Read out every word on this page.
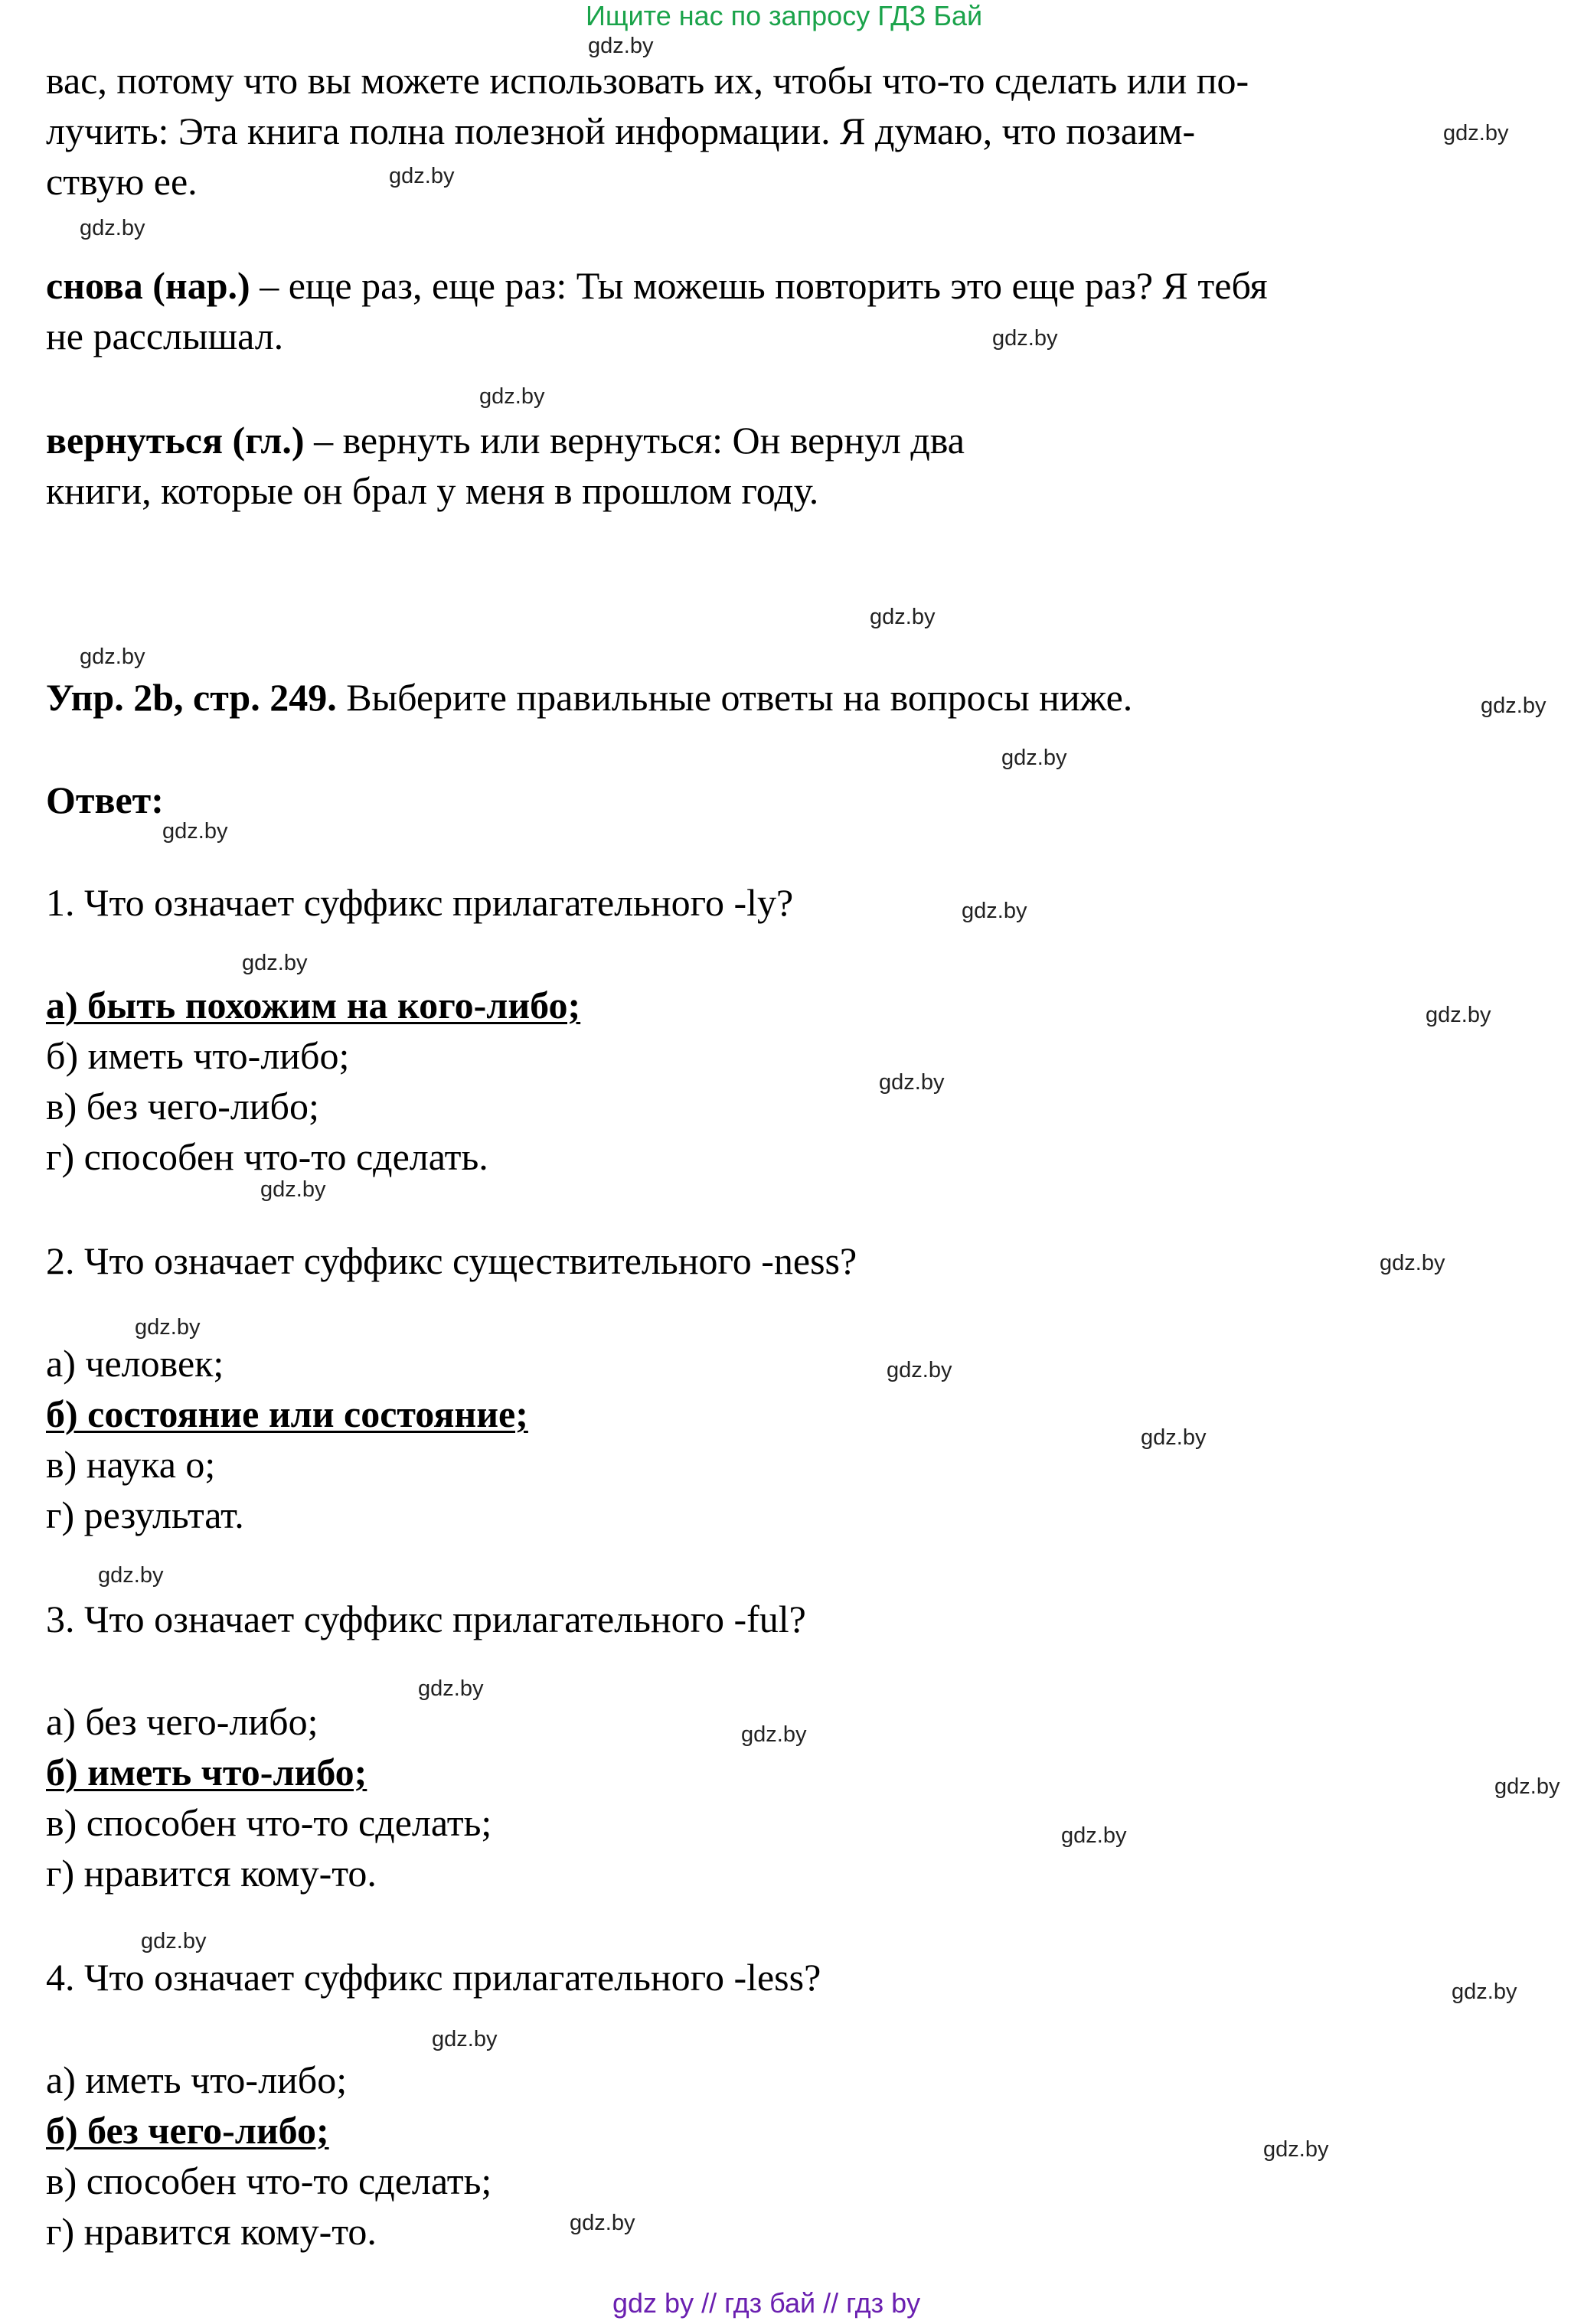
Ищите нас по запросу ГДЗ Бай
вас, потому что вы можете использовать их, чтобы что-то сделать или по-
лучить: Эта книга полна полезной информации. Я думаю, что позаим-
ствую ее.
снова (нар.) – еще раз, еще раз: Ты можешь повторить это еще раз? Я тебя
не расслышал.
вернуться (гл.) – вернуть или вернуться: Он вернул два
книги, которые он брал у меня в прошлом году.
Упр. 2b, стр. 249. Выберите правильные ответы на вопросы ниже.
Ответ:
1. Что означает суффикс прилагательного -ly?
а) быть похожим на кого-либо;
б) иметь что-либо;
в) без чего-либо;
г) способен что-то сделать.
2. Что означает суффикс существительного -ness?
а) человек;
б) состояние или состояние;
в) наука о;
г) результат.
3. Что означает суффикс прилагательного -ful?
а) без чего-либо;
б) иметь что-либо;
в) способен что-то сделать;
г) нравится кому-то.
4. Что означает суффикс прилагательного -less?
а) иметь что-либо;
б) без чего-либо;
в) способен что-то сделать;
г) нравится кому-то.
gdz.by
gdz.by
gdz.by
gdz.by
gdz.by
gdz.by
gdz.by
gdz.by
gdz.by
gdz.by
gdz.by
gdz.by
gdz.by
gdz.by
gdz.by
gdz.by
gdz.by
gdz.by
gdz.by
gdz.by
gdz.by
gdz.by
gdz.by
gdz.by
gdz.by
gdz.by
gdz.by
gdz.by
gdz.by
gdz.by
gdz by // гдз бай // гдз by
